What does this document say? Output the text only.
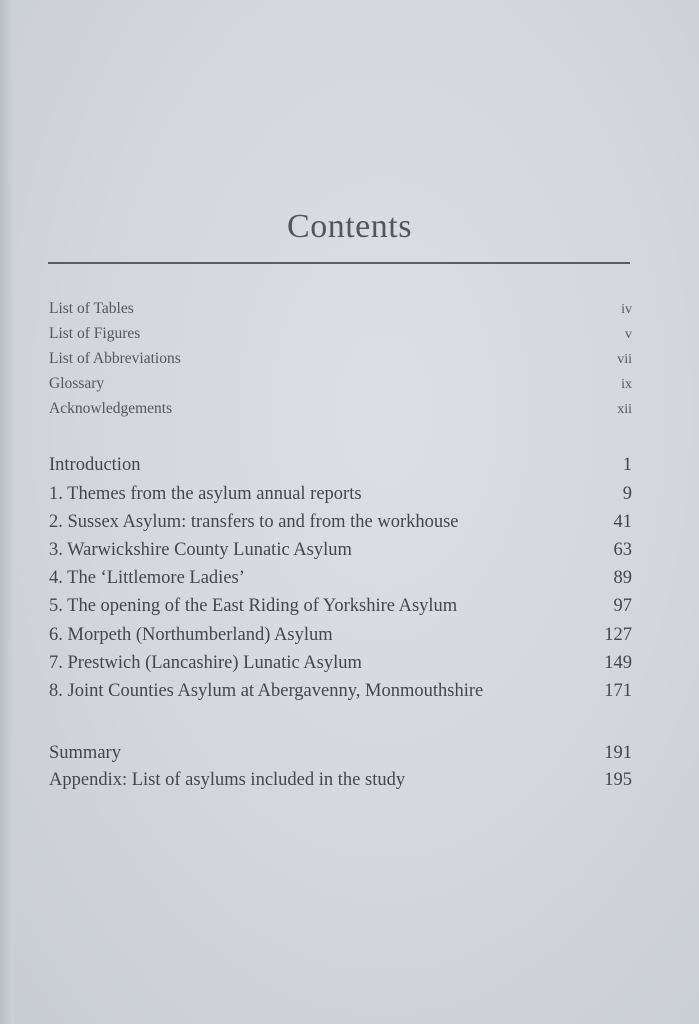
Contents
List of Tables	iv
List of Figures	v
List of Abbreviations	vii
Glossary	ix
Acknowledgements	xii
Introduction	1
1. Themes from the asylum annual reports	9
2. Sussex Asylum: transfers to and from the workhouse	41
3. Warwickshire County Lunatic Asylum	63
4. The ‘Littlemore Ladies’	89
5. The opening of the East Riding of Yorkshire Asylum	97
6. Morpeth (Northumberland) Asylum	127
7. Prestwich (Lancashire) Lunatic Asylum	149
8. Joint Counties Asylum at Abergavenny, Monmouthshire	171
Summary	191
Appendix: List of asylums included in the study	195
